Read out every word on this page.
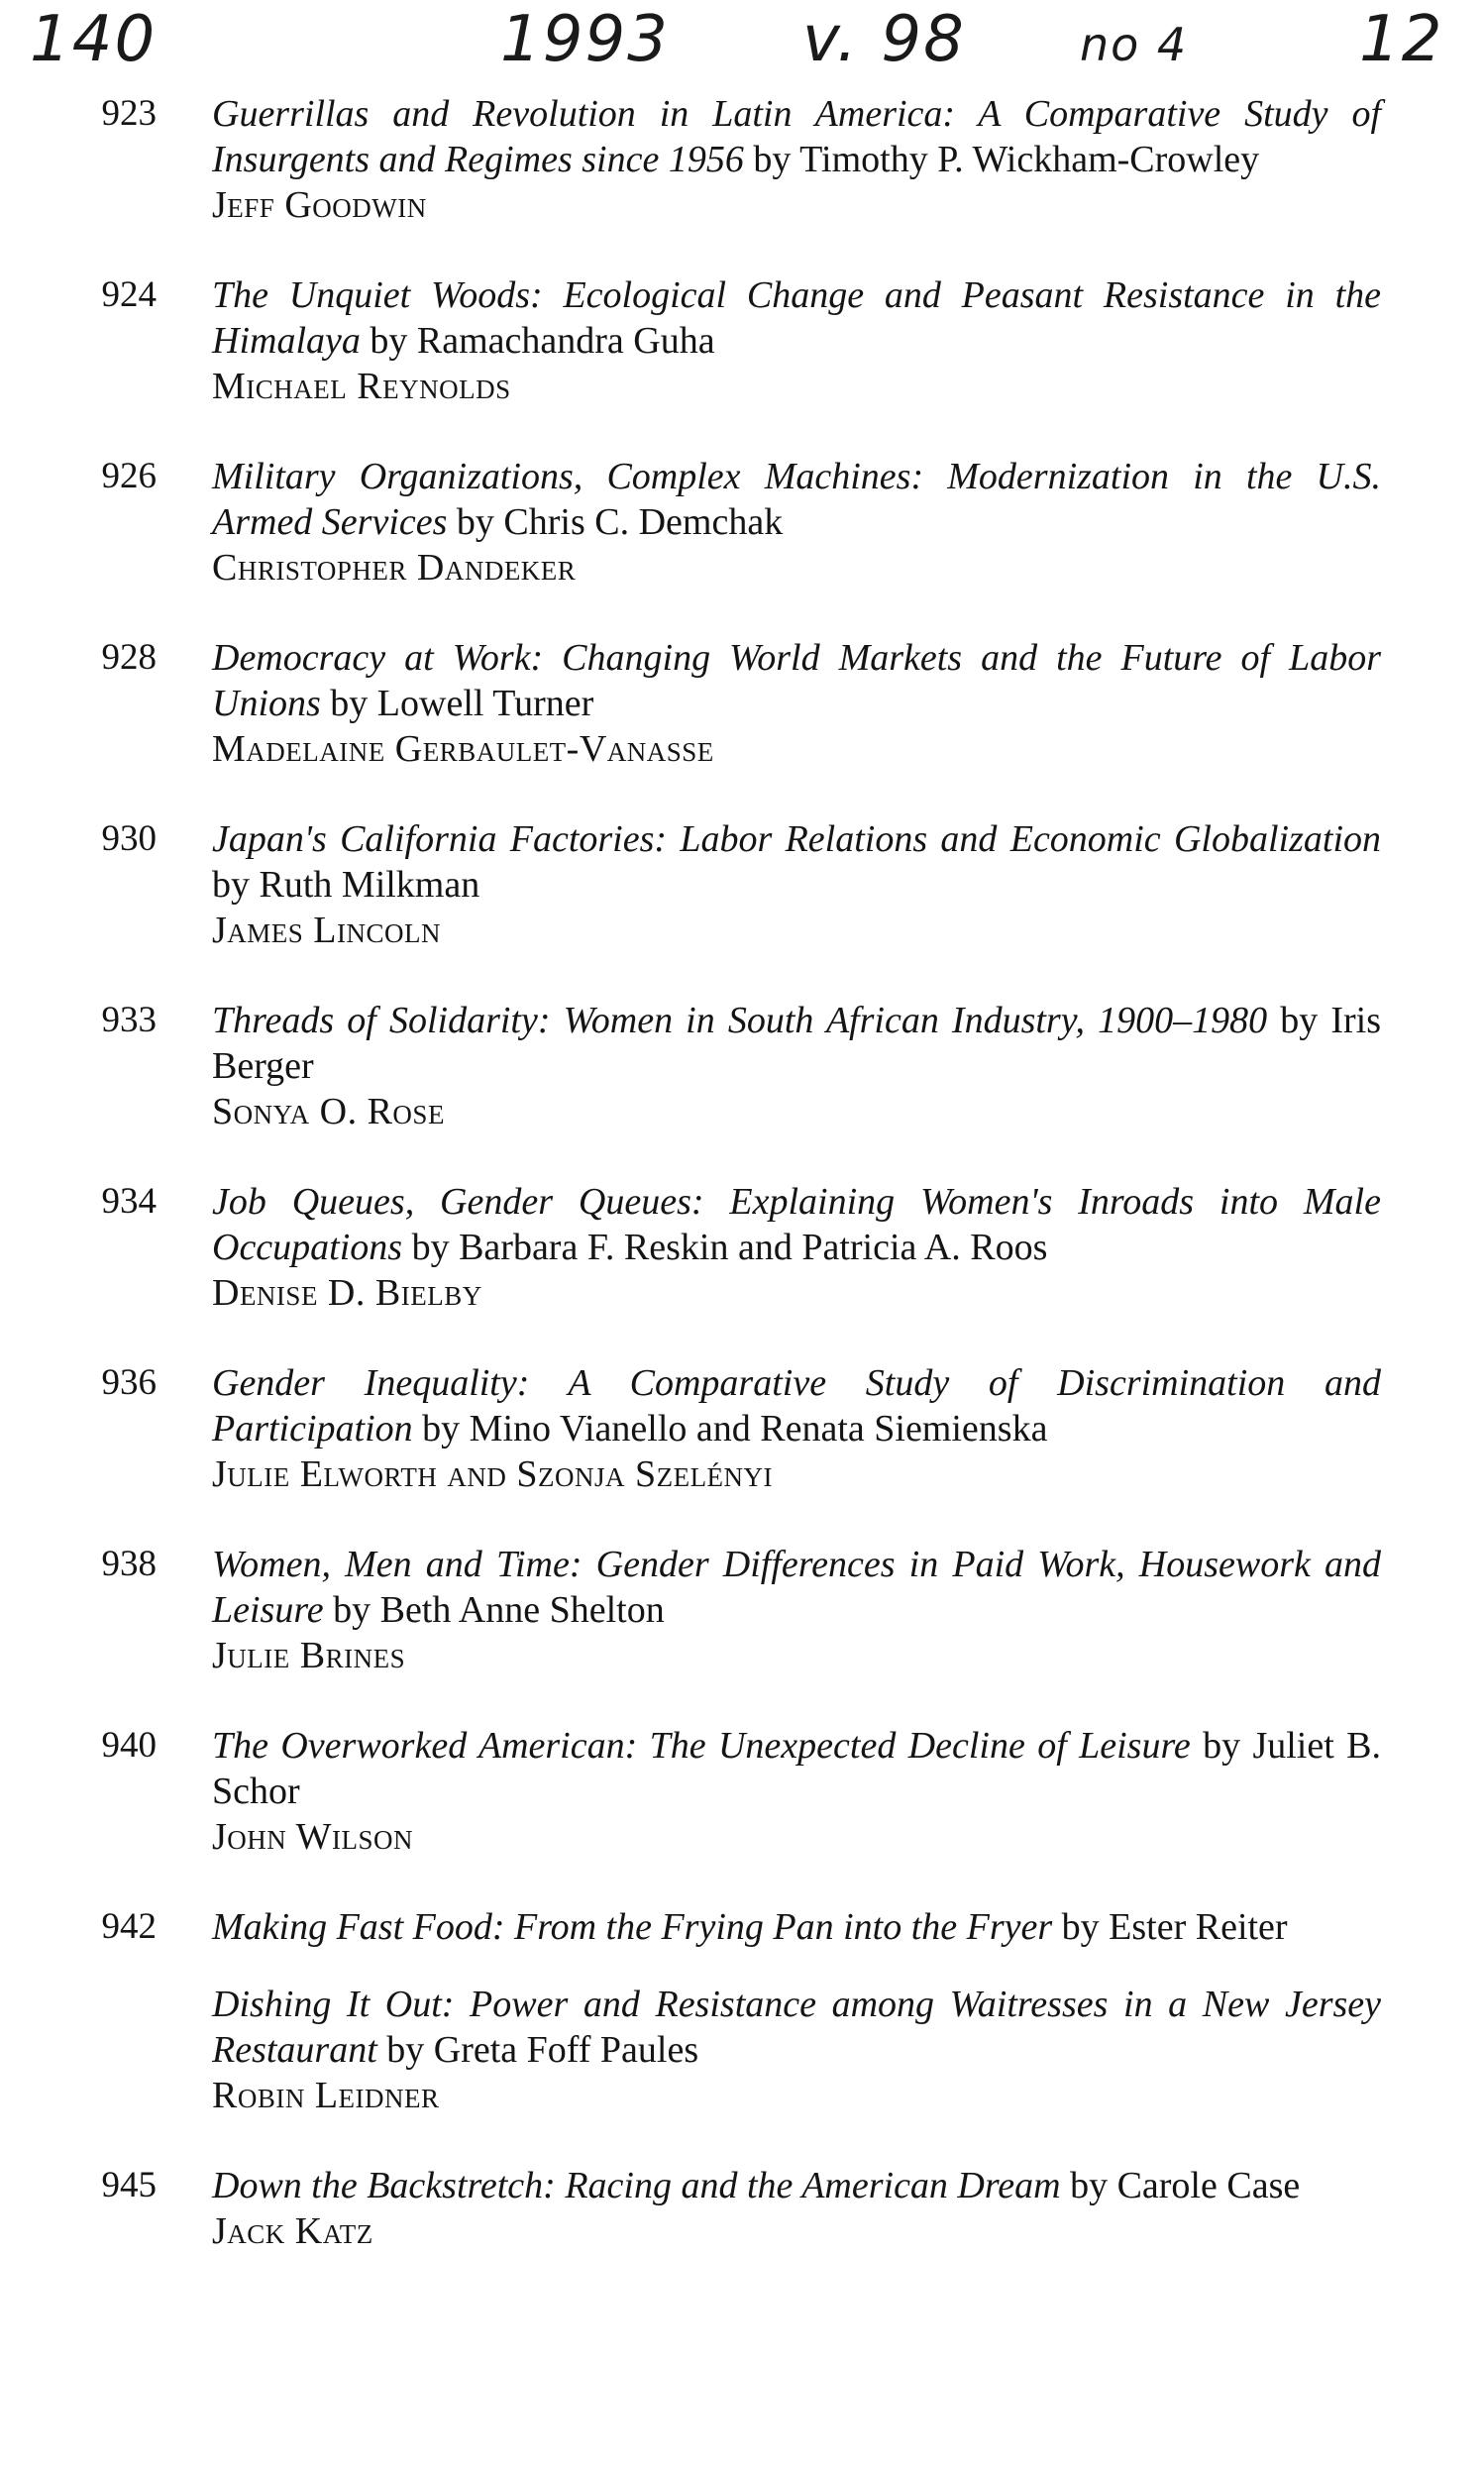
140	1993 v. 98	no 4	12
923 Guerrillas and Revolution in Latin America: A Comparative Study of Insurgents and Regimes since 1956 by Timothy P. Wickham-Crowley
Jeff Goodwin
924 The Unquiet Woods: Ecological Change and Peasant Resistance in the Himalaya by Ramachandra Guha
Michael Reynolds
926 Military Organizations, Complex Machines: Modernization in the U.S. Armed Services by Chris C. Demchak
Christopher Dandeker
928 Democracy at Work: Changing World Markets and the Future of Labor Unions by Lowell Turner
Madelaine Gerbaulet-Vanasse
930 Japan's California Factories: Labor Relations and Economic Globalization by Ruth Milkman
James Lincoln
933 Threads of Solidarity: Women in South African Industry, 1900–1980 by Iris Berger
Sonya O. Rose
934 Job Queues, Gender Queues: Explaining Women's Inroads into Male Occupations by Barbara F. Reskin and Patricia A. Roos
Denise D. Bielby
936 Gender Inequality: A Comparative Study of Discrimination and Participation by Mino Vianello and Renata Siemienska
Julie Elworth and Szonja Szelényi
938 Women, Men and Time: Gender Differences in Paid Work, Housework and Leisure by Beth Anne Shelton
Julie Brines
940 The Overworked American: The Unexpected Decline of Leisure by Juliet B. Schor
John Wilson
942 Making Fast Food: From the Frying Pan into the Fryer by Ester Reiter
Dishing It Out: Power and Resistance among Waitresses in a New Jersey Restaurant by Greta Foff Paules
Robin Leidner
945 Down the Backstretch: Racing and the American Dream by Carole Case
Jack Katz
